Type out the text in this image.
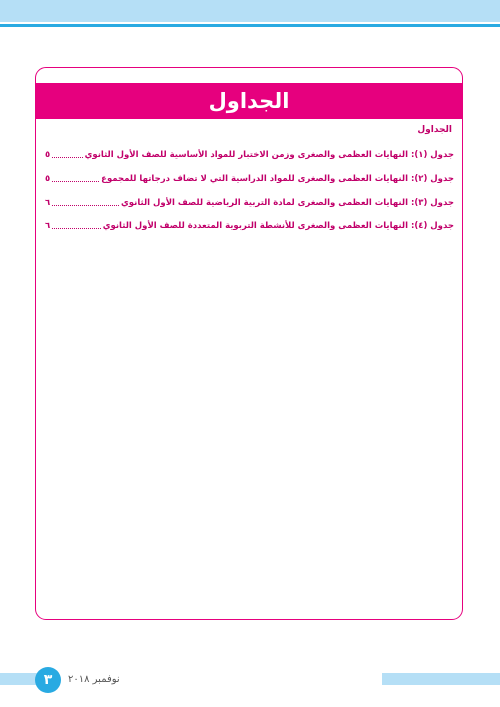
الجداول
الجداول
جدول (١): النهايات العظمى والصغرى وزمن الاختبار للمواد الأساسية للصف الأول الثانوي
٥
جدول (٢): النهايات العظمى والصغرى للمواد الدراسية التي لا تضاف درجاتها للمجموع
٥
جدول (٣): النهايات العظمى والصغرى لمادة التربية الرياضية للصف الأول الثانوي
٦
جدول (٤): النهايات العظمى والصغرى للأنشطة التربوية المتعددة للصف الأول الثانوي
٦
٣	نوفمبر ٢٠١٨
